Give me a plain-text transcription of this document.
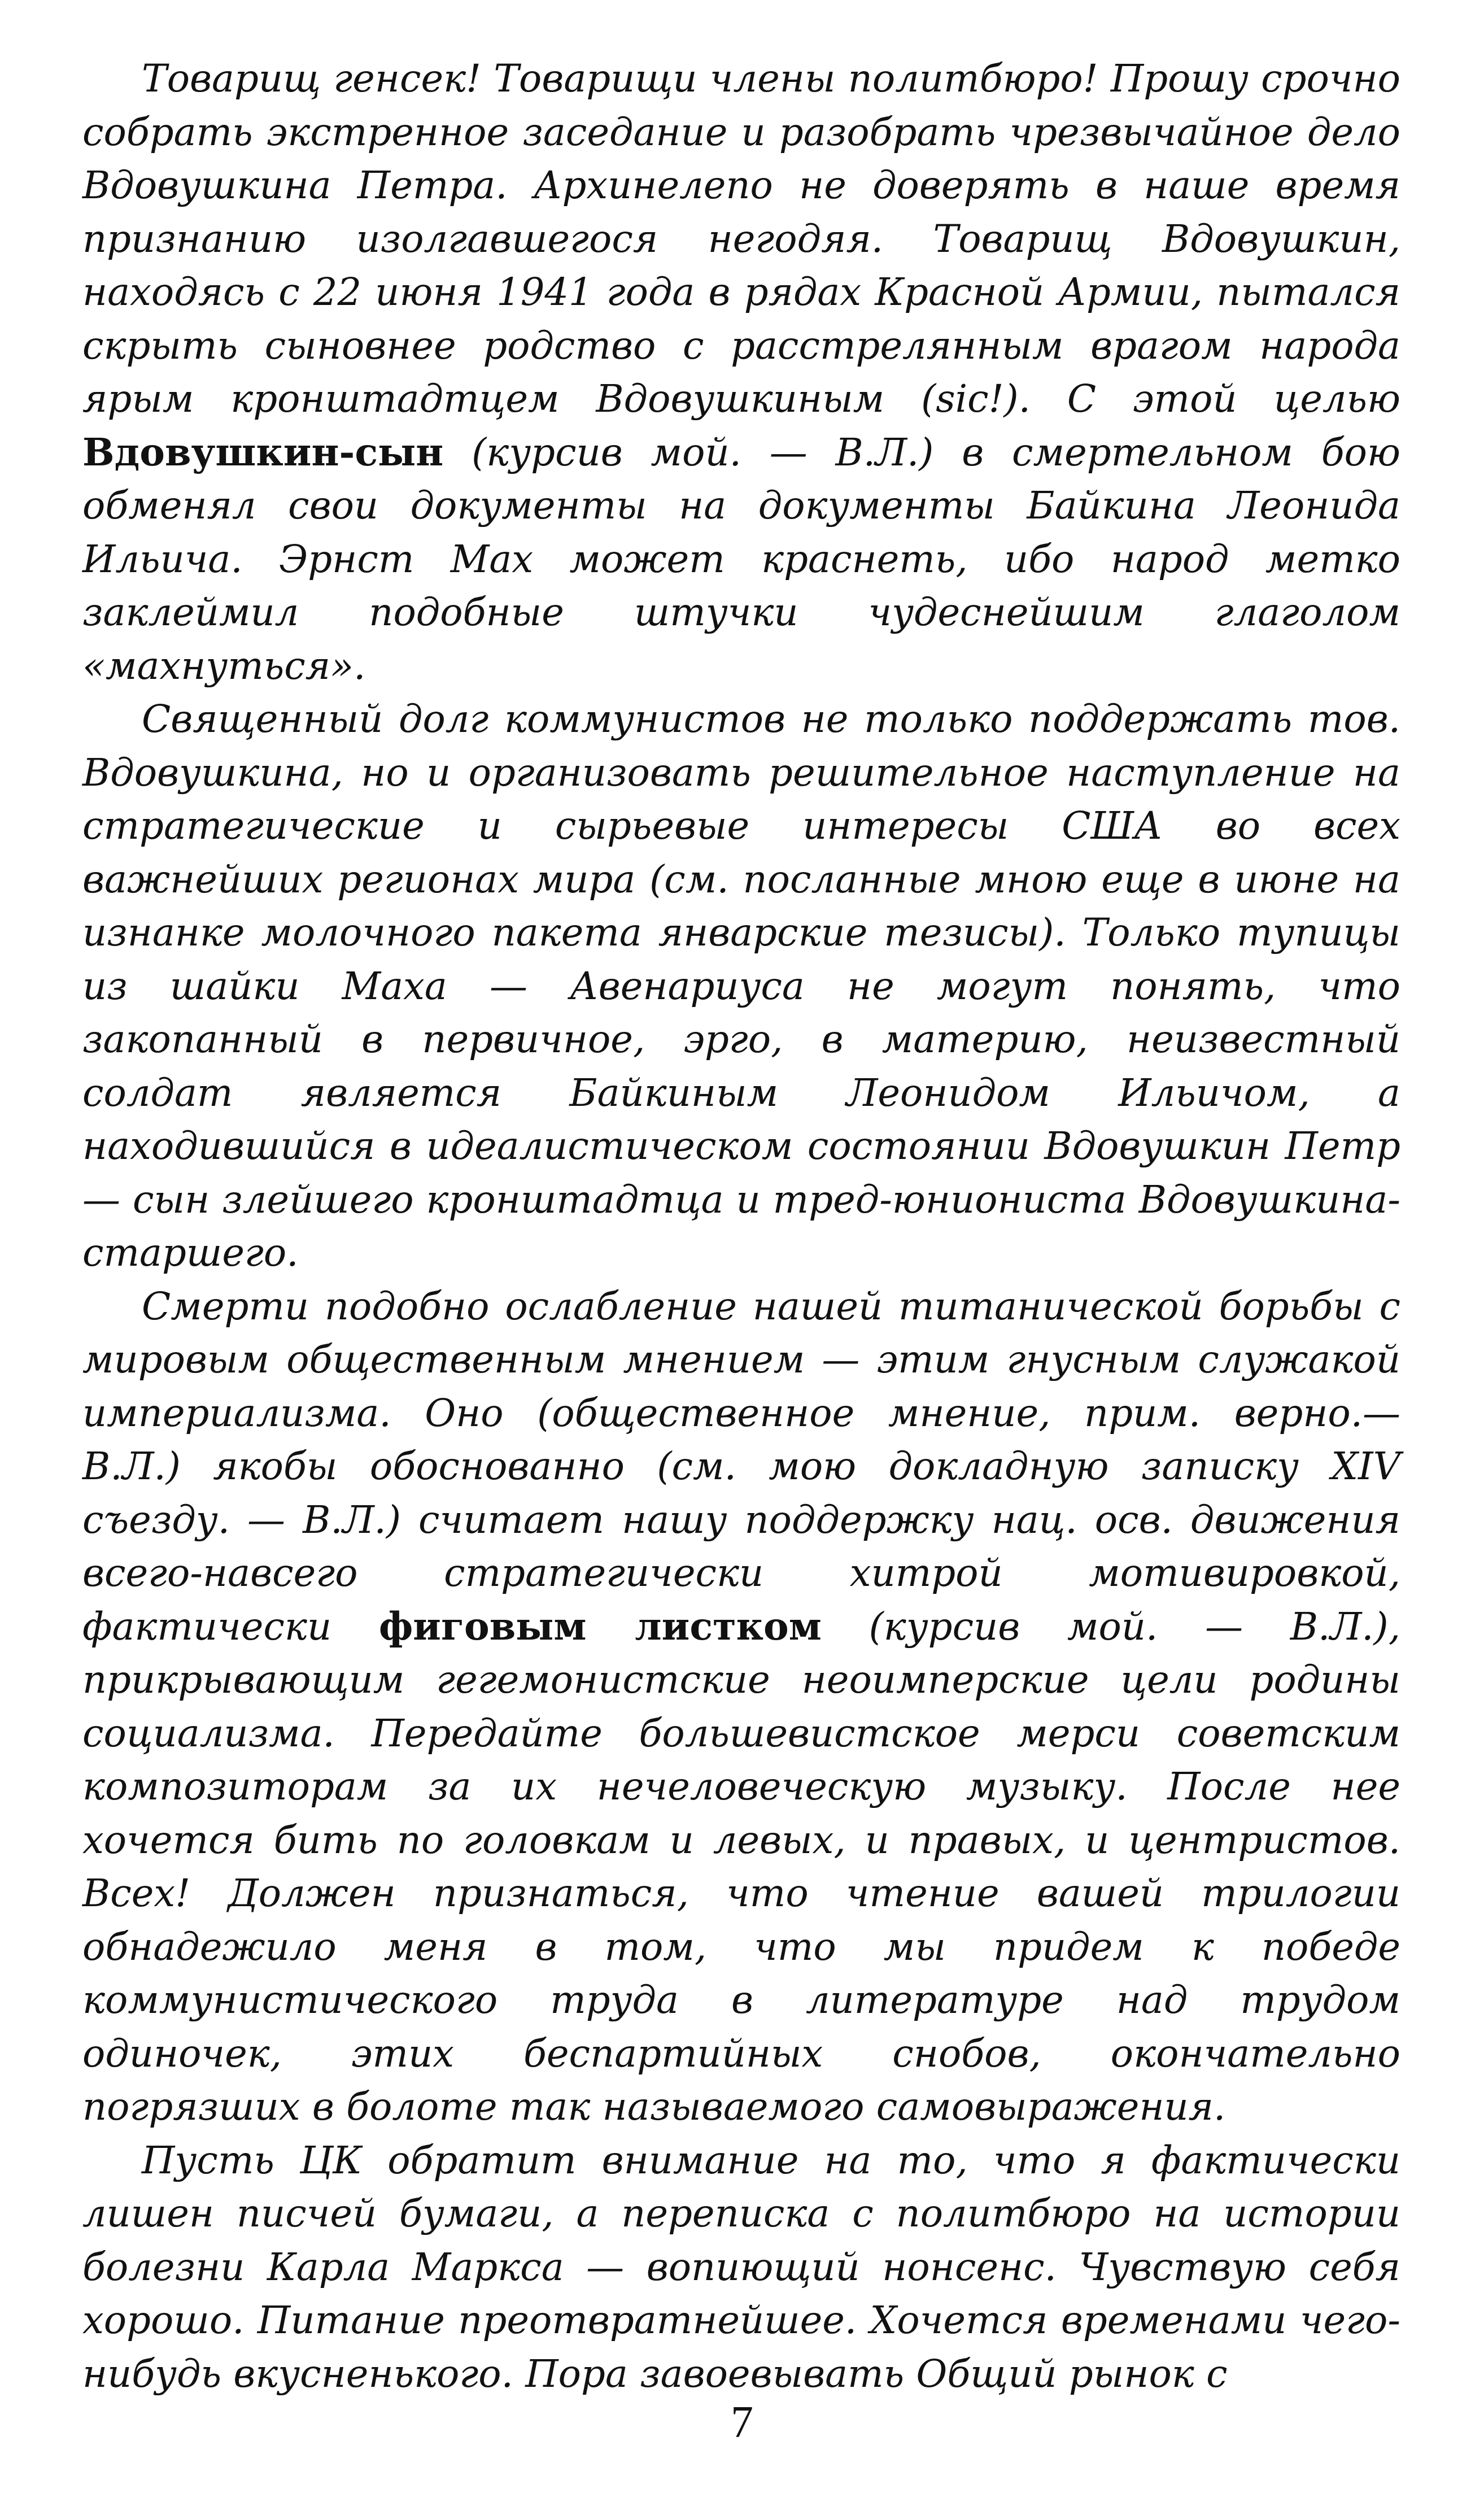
Товарищ генсек! Товарищи члены политбюро! Прошу срочно собрать экстренное заседание и разобрать чрезвычайное дело Вдовушкина Петра. Архинелепо не доверять в наше время признанию изолгавшегося негодяя. Товарищ Вдовушкин, находясь с 22 июня 1941 года в рядах Красной Армии, пытался скрыть сыновнее родство с расстрелянным врагом народа ярым кронштадтцем Вдовушкиным (sic!). С этой целью Вдовушкин-сын (курсив мой. — В.Л.) в смертельном бою обменял свои документы на документы Байкина Леонида Ильича. Эрнст Мах может краснеть, ибо народ метко заклеймил подобные штучки чудеснейшим глаголом «махнуться».

Священный долг коммунистов не только поддержать тов. Вдовушкина, но и организовать решительное наступление на стратегические и сырьевые интересы США во всех важнейших регионах мира (см. посланные мною еще в июне на изнанке молочного пакета январские тезисы). Только тупицы из шайки Маха — Авенариуса не могут понять, что закопанный в первичное, эрго, в материю, неизвестный солдат является Байкиным Леонидом Ильичом, а находившийся в идеалистическом состоянии Вдовушкин Петр — сын злейшего кронштадтца и тред-юниониста Вдовушкина-старшего.

Смерти подобно ослабление нашей титанической борьбы с мировым общественным мнением — этим гнусным служакой империализма. Оно (общественное мнение, прим. верно.— В.Л.) якобы обоснованно (см. мою докладную записку XIV съезду. — В.Л.) считает нашу поддержку нац. осв. движения всего-навсего стратегически хитрой мотивировкой, фактически фиговым листком (курсив мой. — В.Л.), прикрывающим гегемонистские неоимперские цели родины социализма. Передайте большевистское мерси советским композиторам за их нечеловеческую музыку. После нее хочется бить по головкам и левых, и правых, и центристов. Всех! Должен признаться, что чтение вашей трилогии обнадежило меня в том, что мы придем к победе коммунистического труда в литературе над трудом одиночек, этих беспартийных снобов, окончательно погрязших в болоте так называемого самовыражения.

Пусть ЦК обратит внимание на то, что я фактически лишен писчей бумаги, а переписка с политбюро на истории болезни Карла Маркса — вопиющий нонсенс. Чувствую себя хорошо. Питание преотвратнейшее. Хочется временами чего-нибудь вкусненького. Пора завоевывать Общий рынок с

7
